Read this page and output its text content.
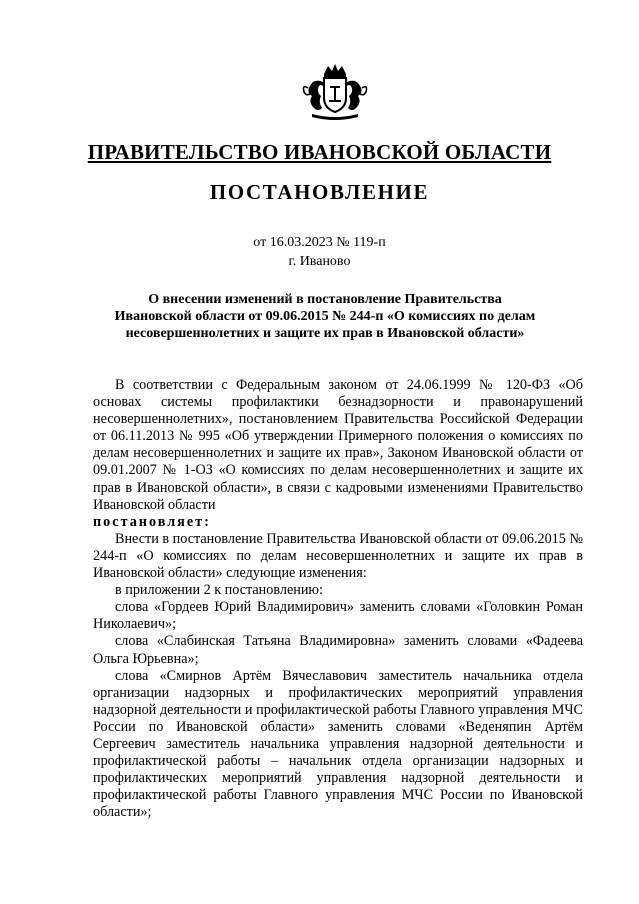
ПРАВИТЕЛЬСТВО ИВАНОВСКОЙ ОБЛАСТИ
ПОСТАНОВЛЕНИЕ
от 16.03.2023 № 119-п
г. Иваново
О внесении изменений в постановление Правительства
Ивановской области от 09.06.2015 № 244-п «О комиссиях по делам
несовершеннолетних и защите их прав в Ивановской области»

В соответствии с Федеральным законом от 24.06.1999 № 120-ФЗ «Об основах системы профилактики безнадзорности и правонарушений несовершеннолетних», постановлением Правительства Российской Федерации от 06.11.2013 № 995 «Об утверждении Примерного положения о комиссиях по делам несовершеннолетних и защите их прав», Законом Ивановской области от 09.01.2007 № 1-ОЗ «О комиссиях по делам несовершеннолетних и защите их прав в Ивановской области», в связи с кадровыми изменениями Правительство Ивановской области

постановляет:

Внести в постановление Правительства Ивановской области от 09.06.2015 № 244-п «О комиссиях по делам несовершеннолетних и защите их прав в Ивановской области» следующие изменения:

в приложении 2 к постановлению:

слова «Гордеев Юрий Владимирович» заменить словами «Головкин Роман Николаевич»;

слова «Слабинская Татьяна Владимировна» заменить словами «Фадеева Ольга Юрьевна»;

слова «Смирнов Артём Вячеславович заместитель начальника отдела организации надзорных и профилактических мероприятий управления надзорной деятельности и профилактической работы Главного управления МЧС России по Ивановской области» заменить словами «Веденяпин Артём Сергеевич заместитель начальника управления надзорной деятельности и профилактической работы – начальник отдела организации надзорных и профилактических мероприятий управления надзорной деятельности и профилактической работы Главного управления МЧС России по Ивановской области»;
